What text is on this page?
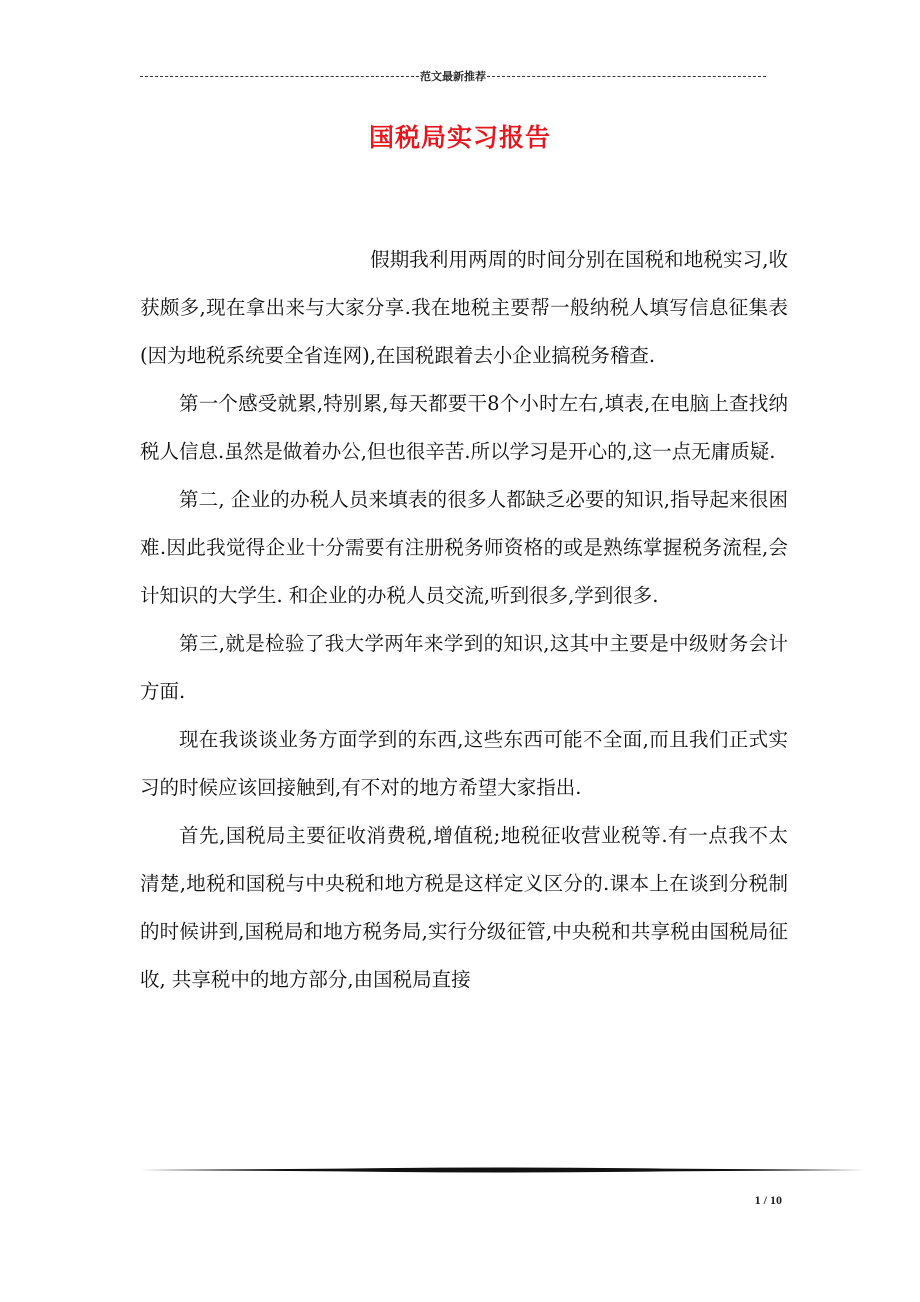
范文最新推荐
国税局实习报告

假期我利用两周的时间分别在国税和地税实习,收获颇多,现在拿出来与大家分享.我在地税主要帮一般纳税人填写信息征集表(因为地税系统要全省连网),在国税跟着去小企业搞税务稽查.

第一个感受就累,特别累,每天都要干8个小时左右,填表,在电脑上查找纳税人信息.虽然是做着办公,但也很辛苦.所以学习是开心的,这一点无庸质疑.

第二, 企业的办税人员来填表的很多人都缺乏必要的知识,指导起来很困难.因此我觉得企业十分需要有注册税务师资格的或是熟练掌握税务流程,会计知识的大学生. 和企业的办税人员交流,听到很多,学到很多.

第三,就是检验了我大学两年来学到的知识,这其中主要是中级财务会计方面.

现在我谈谈业务方面学到的东西,这些东西可能不全面,而且我们正式实习的时候应该回接触到,有不对的地方希望大家指出.

首先,国税局主要征收消费税,增值税;地税征收营业税等.有一点我不太清楚,地税和国税与中央税和地方税是这样定义区分的.课本上在谈到分税制的时候讲到,国税局和地方税务局,实行分级征管,中央税和共享税由国税局征收, 共享税中的地方部分,由国税局直接

1 / 10
